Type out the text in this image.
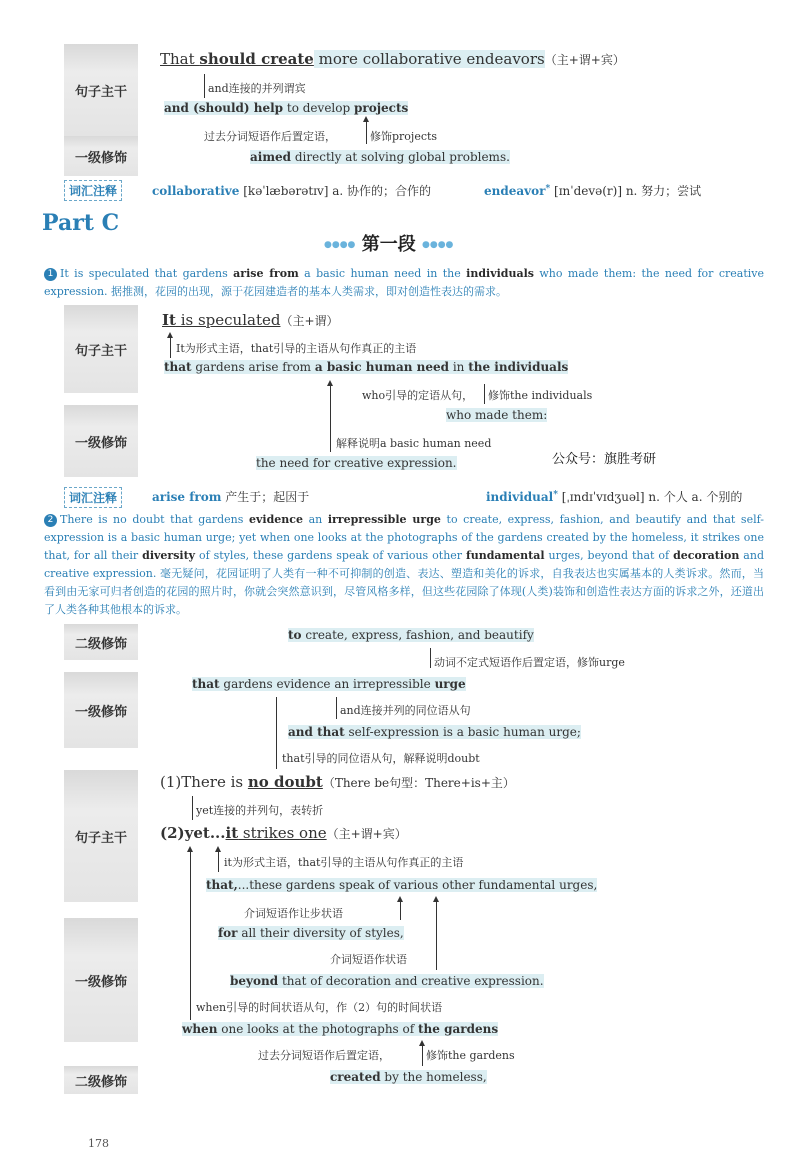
句子主干
一级修饰
That should create more collaborative endeavors（主+谓+宾）
and连接的并列谓宾
and (should) help to develop projects
过去分词短语作后置定语，	修饰projects
aimed directly at solving global problems.
词汇注释	collaborative [kəˈlæbərətɪv] a. 协作的；合作的	endeavor* [ɪnˈdevə(r)] n. 努力；尝试
Part C
●●●● 第一段 ●●●●
1 It is speculated that gardens arise from a basic human need in the individuals who made them: the need for creative expression. 据推测，花园的出现，源于花园建造者的基本人类需求，即对创造性表达的需求。
句子主干
一级修饰
It is speculated（主+谓）
It为形式主语，that引导的主语从句作真正的主语
that gardens arise from a basic human need in the individuals
who引导的定语从句， 修饰the individuals
who made them:
解释说明a basic human need
公众号：旗胜考研
the need for creative expression.
词汇注释	arise from 产生于；起因于	individual* [ˌɪndɪˈvɪdʒuəl] n. 个人 a. 个别的
2 There is no doubt that gardens evidence an irrepressible urge to create, express, fashion, and beautify and that self-expression is a basic human urge; yet when one looks at the photographs of the gardens created by the homeless, it strikes one that, for all their diversity of styles, these gardens speak of various other fundamental urges, beyond that of decoration and creative expression. 毫无疑问，花园证明了人类有一种不可抑制的创造、表达、塑造和美化的诉求，自我表达也实属基本的人类诉求。然而，当看到由无家可归者创造的花园的照片时，你就会突然意识到，尽管风格多样，但这些花园除了体现(人类)装饰和创造性表达方面的诉求之外，还道出了人类各种其他根本的诉求。
二级修饰
一级修饰
句子主干
一级修饰
二级修饰
to create, express, fashion, and beautify
动词不定式短语作后置定语，修饰urge
that gardens evidence an irrepressible urge
and连接并列的同位语从句
and that self-expression is a basic human urge;
that引导的同位语从句，解释说明doubt
(1)There is no doubt（There be句型：There+is+主）
yet连接的并列句，表转折
(2)yet...it strikes one（主+谓+宾）
it为形式主语，that引导的主语从句作真正的主语
that,...these gardens speak of various other fundamental urges,
介词短语作让步状语
for all their diversity of styles,
介词短语作状语
beyond that of decoration and creative expression.
when引导的时间状语从句，作（2）句的时间状语
when one looks at the photographs of the gardens
过去分词短语作后置定语，	修饰the gardens
created by the homeless,
178
